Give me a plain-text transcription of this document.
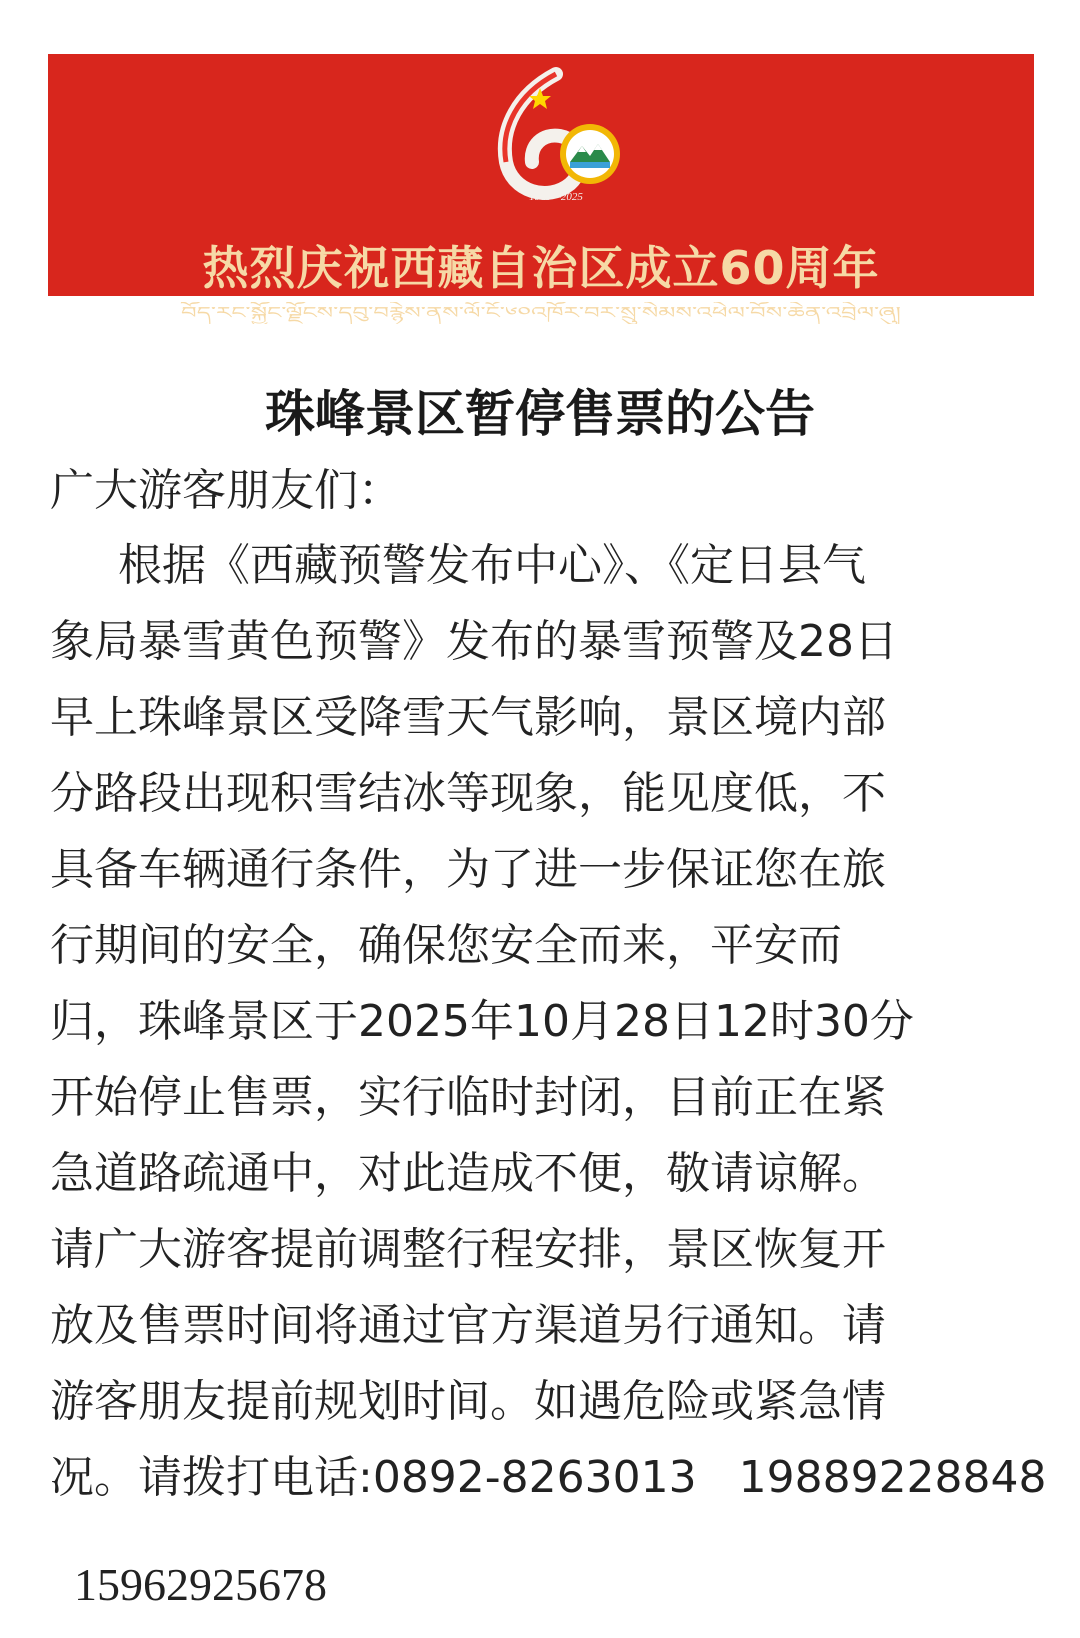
1965—2025
热烈庆祝西藏自治区成立60周年
བོད་རང་སྐྱོང་ལྗོངས་དབུ་བརྙེས་ནས་ལོ་ངོ་༦༠འཁོར་བར་སྲུ་སེམས་འཕེལ་བོས་ཆེན་འབྲེལ་ཞུ།
珠峰景区暂停售票的公告
广大游客朋友们：
根据《西藏预警发布中心》、《定日县气
象局暴雪黄色预警》发布的暴雪预警及28日
早上珠峰景区受降雪天气影响，景区境内部
分路段出现积雪结冰等现象，能见度低，不
具备车辆通行条件，为了进一步保证您在旅
行期间的安全，确保您安全而来，平安而
归，珠峰景区于2025年10月28日12时30分
开始停止售票，实行临时封闭，目前正在紧
急道路疏通中，对此造成不便，敬请谅解。
请广大游客提前调整行程安排，景区恢复开
放及售票时间将通过官方渠道另行通知。请
游客朋友提前规划时间。如遇危险或紧急情
况。请拨打电话:0892-8263013   19889228848
15962925678
